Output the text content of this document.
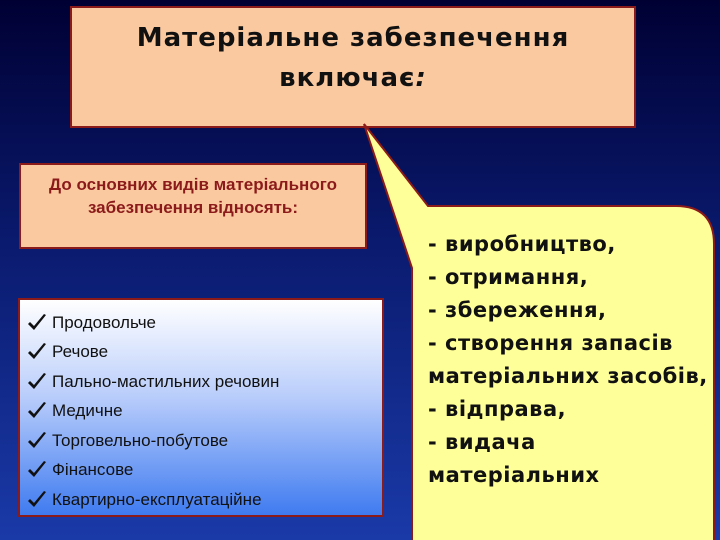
Матеріальне забезпечення включає:
До основних видів матеріального забезпечення відносять:
Продовольче
Речове
Пально-мастильних речовин
Медичне
Торговельно-побутове
Фінансове
Квартирно-експлуатаційне
- виробництво,
- отримання,
- збереження,
- створення запасів матеріальних засобів,
- відправа,
- видача матеріальних
